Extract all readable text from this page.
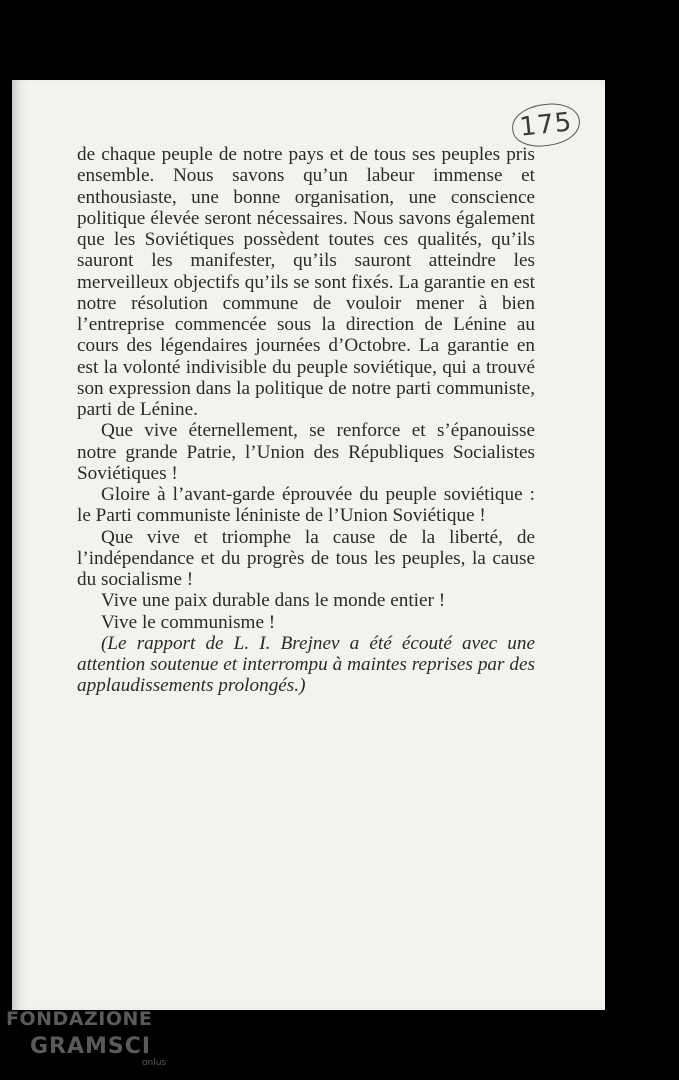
175

de chaque peuple de notre pays et de tous ses peuples pris ensemble. Nous savons qu’un labeur immense et enthousiaste, une bonne organisation, une conscience politique élevée seront nécessaires. Nous savons également que les Soviétiques possèdent toutes ces qualités, qu’ils sauront les manifester, qu’ils sauront atteindre les merveilleux objectifs qu’ils se sont fixés. La garantie en est notre résolution commune de vouloir mener à bien l’entreprise commencée sous la direction de Lénine au cours des légendaires journées d’Octobre. La garantie en est la volonté indivisible du peuple soviétique, qui a trouvé son expression dans la politique de notre parti communiste, parti de Lénine.

Que vive éternellement, se renforce et s’épanouisse notre grande Patrie, l’Union des Républiques Socialistes Soviétiques !

Gloire à l’avant-garde éprouvée du peuple soviétique : le Parti communiste léniniste de l’Union Soviétique !

Que vive et triomphe la cause de la liberté, de l’indépendance et du progrès de tous les peuples, la cause du socialisme !

Vive une paix durable dans le monde entier !

Vive le communisme !

(Le rapport de L. I. Brejnev a été écouté avec une attention soutenue et interrompu à maintes reprises par des applaudissements prolongés.)

FONDAZIONE
GRAMSCI
onlus
